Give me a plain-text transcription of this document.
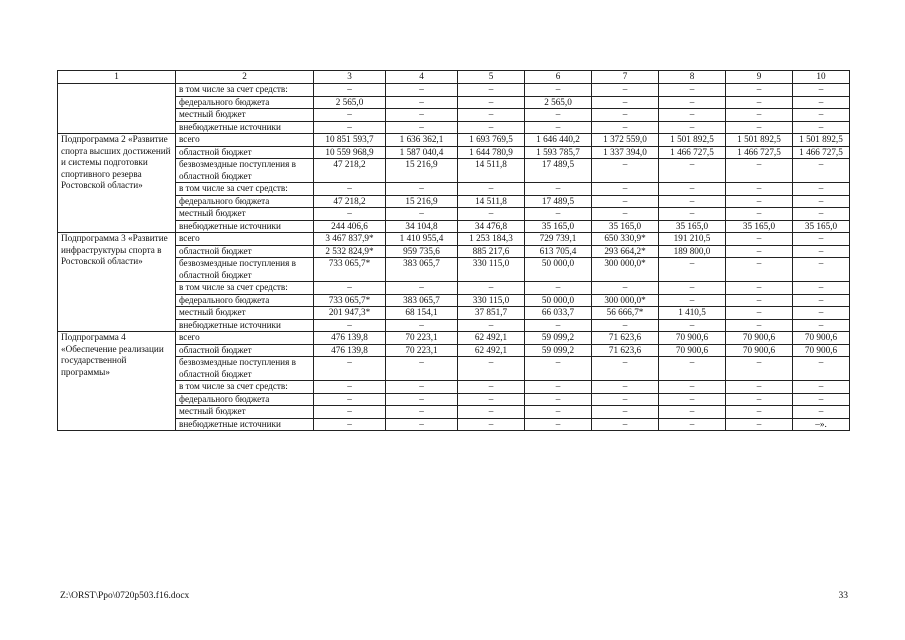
1	2	3	4	5	6	7	8	9	10
	в том числе за счет средств:	–	–	–	–	–	–	–	–
	федерального бюджета	2 565,0	–	–	2 565,0	–	–	–	–
	местный бюджет	–	–	–	–	–	–	–	–
	внебюджетные источники	–	–	–	–	–	–	–	–
Подпрограмма 2 «Развитие спорта высших достижений и системы подготовки спортивного резерва Ростовской области»	всего	10 851 593,7	1 636 362,1	1 693 769,5	1 646 440,2	1 372 559,0	1 501 892,5	1 501 892,5	1 501 892,5
	областной бюджет	10 559 968,9	1 587 040,4	1 644 780,9	1 593 785,7	1 337 394,0	1 466 727,5	1 466 727,5	1 466 727,5
	безвозмездные поступления в областной бюджет	47 218,2	15 216,9	14 511,8	17 489,5	–	–	–	–
	в том числе за счет средств:	–	–	–	–	–	–	–	–
	федерального бюджета	47 218,2	15 216,9	14 511,8	17 489,5	–	–	–	–
	местный бюджет	–	–	–	–	–	–	–	–
	внебюджетные источники	244 406,6	34 104,8	34 476,8	35 165,0	35 165,0	35 165,0	35 165,0	35 165,0
Подпрограмма 3 «Развитие инфраструктуры спорта в Ростовской области»	всего	3 467 837,9*	1 410 955,4	1 253 184,3	729 739,1	650 330,9*	191 210,5	–	–
	областной бюджет	2 532 824,9*	959 735,6	885 217,6	613 705,4	293 664,2*	189 800,0	–	–
	безвозмездные поступления в областной бюджет	733 065,7*	383 065,7	330 115,0	50 000,0	300 000,0*	–	–	–
	в том числе за счет средств:	–	–	–	–	–	–	–	–
	федерального бюджета	733 065,7*	383 065,7	330 115,0	50 000,0	300 000,0*	–	–	–
	местный бюджет	201 947,3*	68 154,1	37 851,7	66 033,7	56 666,7*	1 410,5	–	–
	внебюджетные источники	–	–	–	–	–	–	–	–
Подпрограмма 4 «Обеспечение реализации государственной программы»	всего	476 139,8	70 223,1	62 492,1	59 099,2	71 623,6	70 900,6	70 900,6	70 900,6
	областной бюджет	476 139,8	70 223,1	62 492,1	59 099,2	71 623,6	70 900,6	70 900,6	70 900,6
	безвозмездные поступления в областной бюджет	–	–	–	–	–	–	–	–
	в том числе за счет средств:	–	–	–	–	–	–	–	–
	федерального бюджета	–	–	–	–	–	–	–	–
	местный бюджет	–	–	–	–	–	–	–	–
	внебюджетные источники	–	–	–	–	–	–	–	–».
Z:\ORST\Ppo\0720p503.f16.docx	33
